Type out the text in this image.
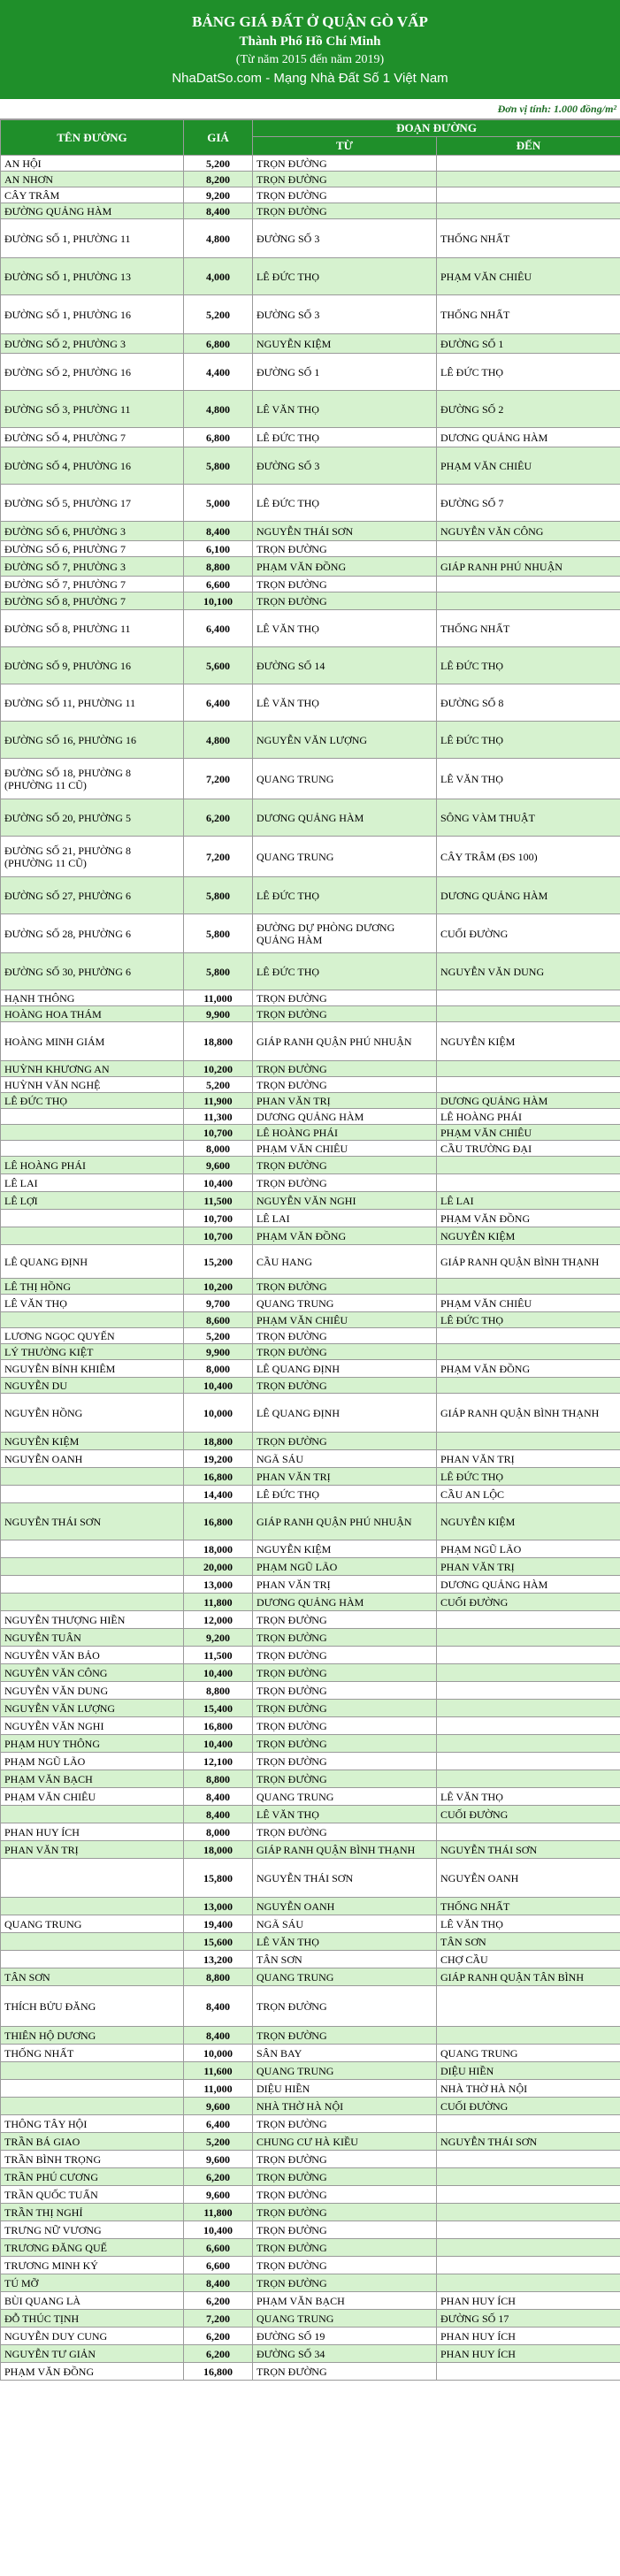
BẢNG GIÁ ĐẤT Ở QUẬN GÒ VẤP
Thành Phố Hồ Chí Minh
(Từ năm 2015 đến năm 2019)
NhaDatSo.com - Mạng Nhà Đất Số 1 Việt Nam
Đơn vị tính: 1.000 đồng/m²
TÊN ĐƯỜNG	GIÁ	ĐOẠN ĐƯỜNG	
		TỪ	ĐẾN
AN HỘI	5,200	TRỌN ĐƯỜNG	
AN NHƠN	8,200	TRỌN ĐƯỜNG	
CÂY TRÂM	9,200	TRỌN ĐƯỜNG	
ĐƯỜNG QUẢNG HÀM	8,400	TRỌN ĐƯỜNG	
ĐƯỜNG SỐ 1, PHƯỜNG 11	4,800	ĐƯỜNG SỐ 3	THỐNG NHẤT
ĐƯỜNG SỐ 1, PHƯỜNG 13	4,000	LÊ ĐỨC THỌ	PHẠM VĂN CHIÊU
ĐƯỜNG SỐ 1, PHƯỜNG 16	5,200	ĐƯỜNG SỐ 3	THỐNG NHẤT
ĐƯỜNG SỐ 2, PHƯỜNG 3	6,800	NGUYỄN KIỆM	ĐƯỜNG SỐ 1
ĐƯỜNG SỐ 2, PHƯỜNG 16	4,400	ĐƯỜNG SỐ 1	LÊ ĐỨC THỌ
ĐƯỜNG SỐ 3, PHƯỜNG 11	4,800	LÊ VĂN THỌ	ĐƯỜNG SỐ 2
ĐƯỜNG SỐ 4, PHƯỜNG 7	6,800	LÊ ĐỨC THỌ	DƯƠNG QUẢNG HÀM
ĐƯỜNG SỐ 4, PHƯỜNG 16	5,800	ĐƯỜNG SỐ 3	PHẠM VĂN CHIÊU
ĐƯỜNG SỐ 5, PHƯỜNG 17	5,000	LÊ ĐỨC THỌ	ĐƯỜNG SỐ 7
ĐƯỜNG SỐ 6, PHƯỜNG 3	8,400	NGUYỄN THÁI SƠN	NGUYỄN VĂN CÔNG
ĐƯỜNG SỐ 6, PHƯỜNG 7	6,100	TRỌN ĐƯỜNG	
ĐƯỜNG SỐ 7, PHƯỜNG 3	8,800	PHẠM VĂN ĐỒNG	GIÁP RANH PHÚ NHUẬN
ĐƯỜNG SỐ 7, PHƯỜNG 7	6,600	TRỌN ĐƯỜNG	
ĐƯỜNG SỐ 8, PHƯỜNG 7	10,100	TRỌN ĐƯỜNG	
ĐƯỜNG SỐ 8, PHƯỜNG 11	6,400	LÊ VĂN THỌ	THỐNG NHẤT
ĐƯỜNG SỐ 9, PHƯỜNG 16	5,600	ĐƯỜNG SỐ 14	LÊ ĐỨC THỌ
ĐƯỜNG SỐ 11, PHƯỜNG 11	6,400	LÊ VĂN THỌ	ĐƯỜNG SỐ 8
ĐƯỜNG SỐ 16, PHƯỜNG 16	4,800	NGUYỄN VĂN LƯỢNG	LÊ ĐỨC THỌ
ĐƯỜNG SỐ 18, PHƯỜNG 8 (PHƯỜNG 11 CŨ)	7,200	QUANG TRUNG	LÊ VĂN THỌ
ĐƯỜNG SỐ 20, PHƯỜNG 5	6,200	DƯƠNG QUẢNG HÀM	SÔNG VÀM THUẬT
ĐƯỜNG SỐ 21, PHƯỜNG 8 (PHƯỜNG 11 CŨ)	7,200	QUANG TRUNG	CÂY TRÂM (ĐS 100)
ĐƯỜNG SỐ 27, PHƯỜNG 6	5,800	LÊ ĐỨC THỌ	DƯƠNG QUẢNG HÀM
ĐƯỜNG SỐ 28, PHƯỜNG 6	5,800	ĐƯỜNG DỰ PHÒNG DƯƠNG QUẢNG HÀM	CUỐI ĐƯỜNG
ĐƯỜNG SỐ 30, PHƯỜNG 6	5,800	LÊ ĐỨC THỌ	NGUYỄN VĂN DUNG
HẠNH THÔNG	11,000	TRỌN ĐƯỜNG	
HOÀNG HOA THÁM	9,900	TRỌN ĐƯỜNG	
HOÀNG MINH GIÁM	18,800	GIÁP RANH QUẬN PHÚ NHUẬN	NGUYỄN KIỆM
HUỲNH KHƯƠNG AN	10,200	TRỌN ĐƯỜNG	
HUỲNH VĂN NGHỆ	5,200	TRỌN ĐƯỜNG	
LÊ ĐỨC THỌ	11,900	PHAN VĂN TRỊ	DƯƠNG QUẢNG HÀM
	11,300	DƯƠNG QUẢNG HÀM	LÊ HOÀNG PHÁI
	10,700	LÊ HOÀNG PHÁI	PHẠM VĂN CHIÊU
	8,000	PHẠM VĂN CHIÊU	CẦU TRƯỜNG ĐẠI
LÊ HOÀNG PHÁI	9,600	TRỌN ĐƯỜNG	
LÊ LAI	10,400	TRỌN ĐƯỜNG	
LÊ LỢI	11,500	NGUYỄN VĂN NGHI	LÊ LAI
	10,700	LÊ LAI	PHẠM VĂN ĐỒNG
	10,700	PHẠM VĂN ĐỒNG	NGUYỄN KIỆM
LÊ QUANG ĐỊNH	15,200	CẦU HANG	GIÁP RANH QUẬN BÌNH THẠNH
LÊ THỊ HỒNG	10,200	TRỌN ĐƯỜNG	
LÊ VĂN THỌ	9,700	QUANG TRUNG	PHẠM VĂN CHIÊU
	8,600	PHẠM VĂN CHIÊU	LÊ ĐỨC THỌ
LƯƠNG NGỌC QUYẾN	5,200	TRỌN ĐƯỜNG	
LÝ THƯỜNG KIỆT	9,900	TRỌN ĐƯỜNG	
NGUYỄN BỈNH KHIÊM	8,000	LÊ QUANG ĐỊNH	PHẠM VĂN ĐỒNG
NGUYỄN DU	10,400	TRỌN ĐƯỜNG	
NGUYỄN HỒNG	10,000	LÊ QUANG ĐỊNH	GIÁP RANH QUẬN BÌNH THẠNH
NGUYỄN KIỆM	18,800	TRỌN ĐƯỜNG	
NGUYỄN OANH	19,200	NGÃ SÁU	PHAN VĂN TRỊ
	16,800	PHAN VĂN TRỊ	LÊ ĐỨC THỌ
	14,400	LÊ ĐỨC THỌ	CẦU AN LỘC
NGUYỄN THÁI SƠN	16,800	GIÁP RANH QUẬN PHÚ NHUẬN	NGUYỄN KIỆM
	18,000	NGUYỄN KIỆM	PHẠM NGŨ LÃO
	20,000	PHẠM NGŨ LÃO	PHAN VĂN TRỊ
	13,000	PHAN VĂN TRỊ	DƯƠNG QUẢNG HÀM
	11,800	DƯƠNG QUẢNG HÀM	CUỐI ĐƯỜNG
NGUYỄN THƯỢNG HIỀN	12,000	TRỌN ĐƯỜNG	
NGUYỄN TUÂN	9,200	TRỌN ĐƯỜNG	
NGUYỄN VĂN BẢO	11,500	TRỌN ĐƯỜNG	
NGUYỄN VĂN CÔNG	10,400	TRỌN ĐƯỜNG	
NGUYỄN VĂN DUNG	8,800	TRỌN ĐƯỜNG	
NGUYỄN VĂN LƯỢNG	15,400	TRỌN ĐƯỜNG	
NGUYỄN VĂN NGHI	16,800	TRỌN ĐƯỜNG	
PHẠM HUY THÔNG	10,400	TRỌN ĐƯỜNG	
PHẠM NGŨ LÃO	12,100	TRỌN ĐƯỜNG	
PHẠM VĂN BẠCH	8,800	TRỌN ĐƯỜNG	
PHẠM VĂN CHIÊU	8,400	QUANG TRUNG	LÊ VĂN THỌ
	8,400	LÊ VĂN THỌ	CUỐI ĐƯỜNG
PHAN HUY ÍCH	8,000	TRỌN ĐƯỜNG	
PHAN VĂN TRỊ	18,000	GIÁP RANH QUẬN BÌNH THẠNH	NGUYỄN THÁI SƠN
	15,800	NGUYỄN THÁI SƠN	NGUYỄN OANH
	13,000	NGUYỄN OANH	THỐNG NHẤT
QUANG TRUNG	19,400	NGÃ SÁU	LÊ VĂN THỌ
	15,600	LÊ VĂN THỌ	TÂN SƠN
	13,200	TÂN SƠN	CHỢ CẦU
TÂN SƠN	8,800	QUANG TRUNG	GIÁP RANH QUẬN TÂN BÌNH
THÍCH BỬU ĐĂNG	8,400	TRỌN ĐƯỜNG	
THIÊN HỘ DƯƠNG	8,400	TRỌN ĐƯỜNG	
THỐNG NHẤT	10,000	SÂN BAY	QUANG TRUNG
	11,600	QUANG TRUNG	DIỆU HIỀN
	11,000	DIỆU HIỀN	NHÀ THỜ HÀ NỘI
	9,600	NHÀ THỜ HÀ NỘI	CUỐI ĐƯỜNG
THÔNG TÂY HỘI	6,400	TRỌN ĐƯỜNG	
TRẦN BÁ GIAO	5,200	CHUNG CƯ HÀ KIỀU	NGUYỄN THÁI SƠN
TRẦN BÌNH TRỌNG	9,600	TRỌN ĐƯỜNG	
TRẦN PHÚ CƯƠNG	6,200	TRỌN ĐƯỜNG	
TRẦN QUỐC TUẤN	9,600	TRỌN ĐƯỜNG	
TRẦN THỊ NGHỈ	11,800	TRỌN ĐƯỜNG	
TRƯNG NỮ VƯƠNG	10,400	TRỌN ĐƯỜNG	
TRƯƠNG ĐĂNG QUẾ	6,600	TRỌN ĐƯỜNG	
TRƯƠNG MINH KÝ	6,600	TRỌN ĐƯỜNG	
TÚ MỠ	8,400	TRỌN ĐƯỜNG	
BÙI QUANG LÀ	6,200	PHẠM VĂN BẠCH	PHAN HUY ÍCH
ĐỖ THÚC TỊNH	7,200	QUANG TRUNG	ĐƯỜNG SỐ 17
NGUYỄN DUY CUNG	6,200	ĐƯỜNG SỐ 19	PHAN HUY ÍCH
NGUYỄN TƯ GIẢN	6,200	ĐƯỜNG SỐ 34	PHAN HUY ÍCH
PHẠM VĂN ĐỒNG	16,800	TRỌN ĐƯỜNG	
